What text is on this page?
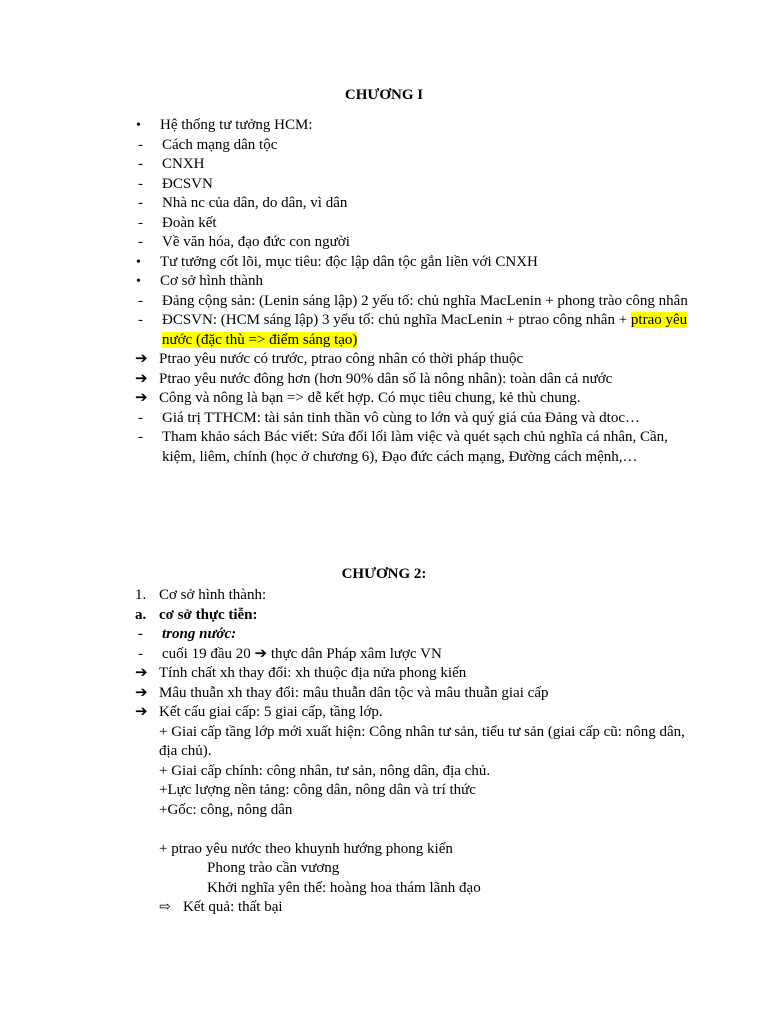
CHƯƠNG I
•	Hệ thống tư tưởng HCM:
-	Cách mạng dân tộc
-	CNXH
-	ĐCSVN
-	Nhà nc của dân, do dân, vì dân
-	Đoàn kết
-	Về văn hóa, đạo đức con người
•	Tư tưởng cốt lõi, mục tiêu: độc lập dân tộc gắn liền với CNXH
•	Cơ sở hình thành
-	Đảng cộng sản: (Lenin sáng lập) 2 yếu tố: chủ nghĩa MacLenin + phong trào công nhân
-	ĐCSVN: (HCM sáng lập) 3 yếu tố: chủ nghĩa MacLenin + ptrao công nhân + ptrao yêu nước (đặc thù => điểm sáng tạo)
➔ Ptrao yêu nước có trước, ptrao công nhân có thời pháp thuộc
➔ Ptrao yêu nước đông hơn (hơn 90% dân số là nông nhân): toàn dân cả nước
➔ Công và nông là bạn => dễ kết hợp. Có mục tiêu chung, kẻ thù chung.
-	Giá trị TTHCM: tài sản tinh thần vô cùng to lớn và quý giá của Đảng và dtoc…
-	Tham khảo sách Bác viết: Sửa đổi lối làm việc và quét sạch chủ nghĩa cá nhân, Cần, kiệm, liêm, chính (học ở chương 6), Đạo đức cách mạng, Đường cách mệnh,…
CHƯƠNG 2:
1. Cơ sở hình thành:
a. cơ sở thực tiễn:
-	trong nước:
-	cuối 19 đầu 20 ➔ thực dân Pháp xâm lược VN
➔ Tính chất xh thay đổi: xh thuộc địa nửa phong kiến
➔ Mâu thuẫn xh thay đổi: mâu thuẫn dân tộc và mâu thuẫn giai cấp
➔ Kết cấu giai cấp: 5 giai cấp, tầng lớp.
+ Giai cấp tầng lớp mới xuất hiện: Công nhân tư sản, tiểu tư sản (giai cấp cũ: nông dân, địa chủ).
+ Giai cấp chính: công nhân, tư sản, nông dân, địa chủ.
+Lực lượng nền tảng: công dân, nông dân và trí thức
+Gốc: công, nông dân
+ ptrao yêu nước theo khuynh hướng phong kiến
Phong trào cần vương
Khởi nghĩa yên thế: hoàng hoa thám lãnh đạo
⇨ Kết quả: thất bại
